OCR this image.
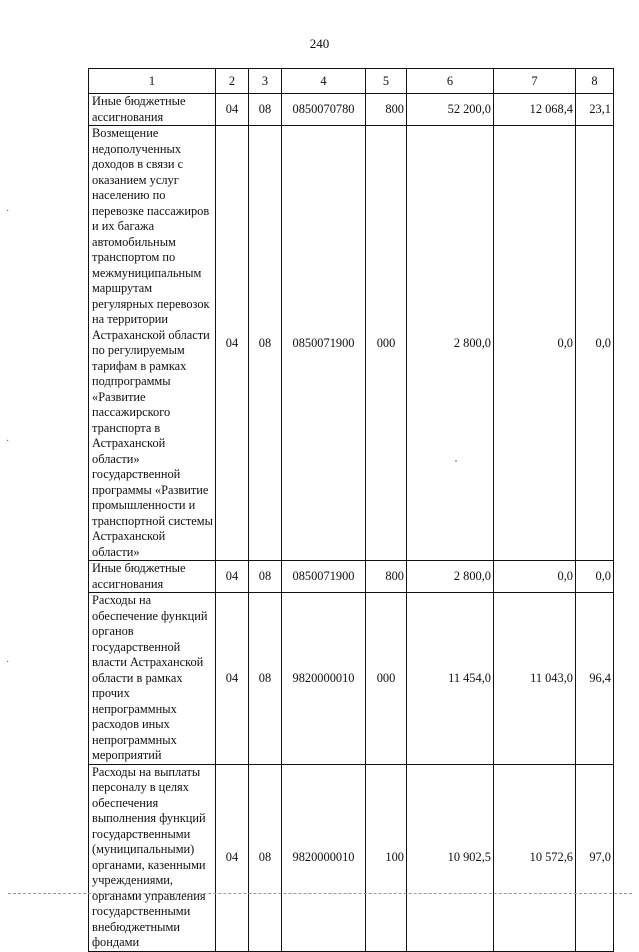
240
1	2	3	4	5	6	7	8
Иные бюджетные ассигнования	04	08	0850070780	800	52 200,0	12 068,4	23,1
Возмещение недополученных доходов в связи с оказанием услуг населению по перевозке пассажиров и их багажа автомобильным транспортом по межмуниципальным маршрутам регулярных перевозок на территории Астраханской области по регулируемым тарифам в рамках подпрограммы «Развитие пассажирского транспорта в Астраханской области» государственной программы «Развитие промышленности и транспортной системы Астраханской области»	04	08	0850071900	000	2 800,0	0,0	0,0
Иные бюджетные ассигнования	04	08	0850071900	800	2 800,0	0,0	0,0
Расходы на обеспечение функций органов государственной власти Астраханской области в рамках прочих непрограммных расходов иных непрограммных мероприятий	04	08	9820000010	000	11 454,0	11 043,0	96,4
Расходы на выплаты персоналу в целях обеспечения выполнения функций государственными (муниципальными) органами, казенными учреждениями, органами управления государственными внебюджетными фондами	04	08	9820000010	100	10 902,5	10 572,6	97,0
·
·
·
